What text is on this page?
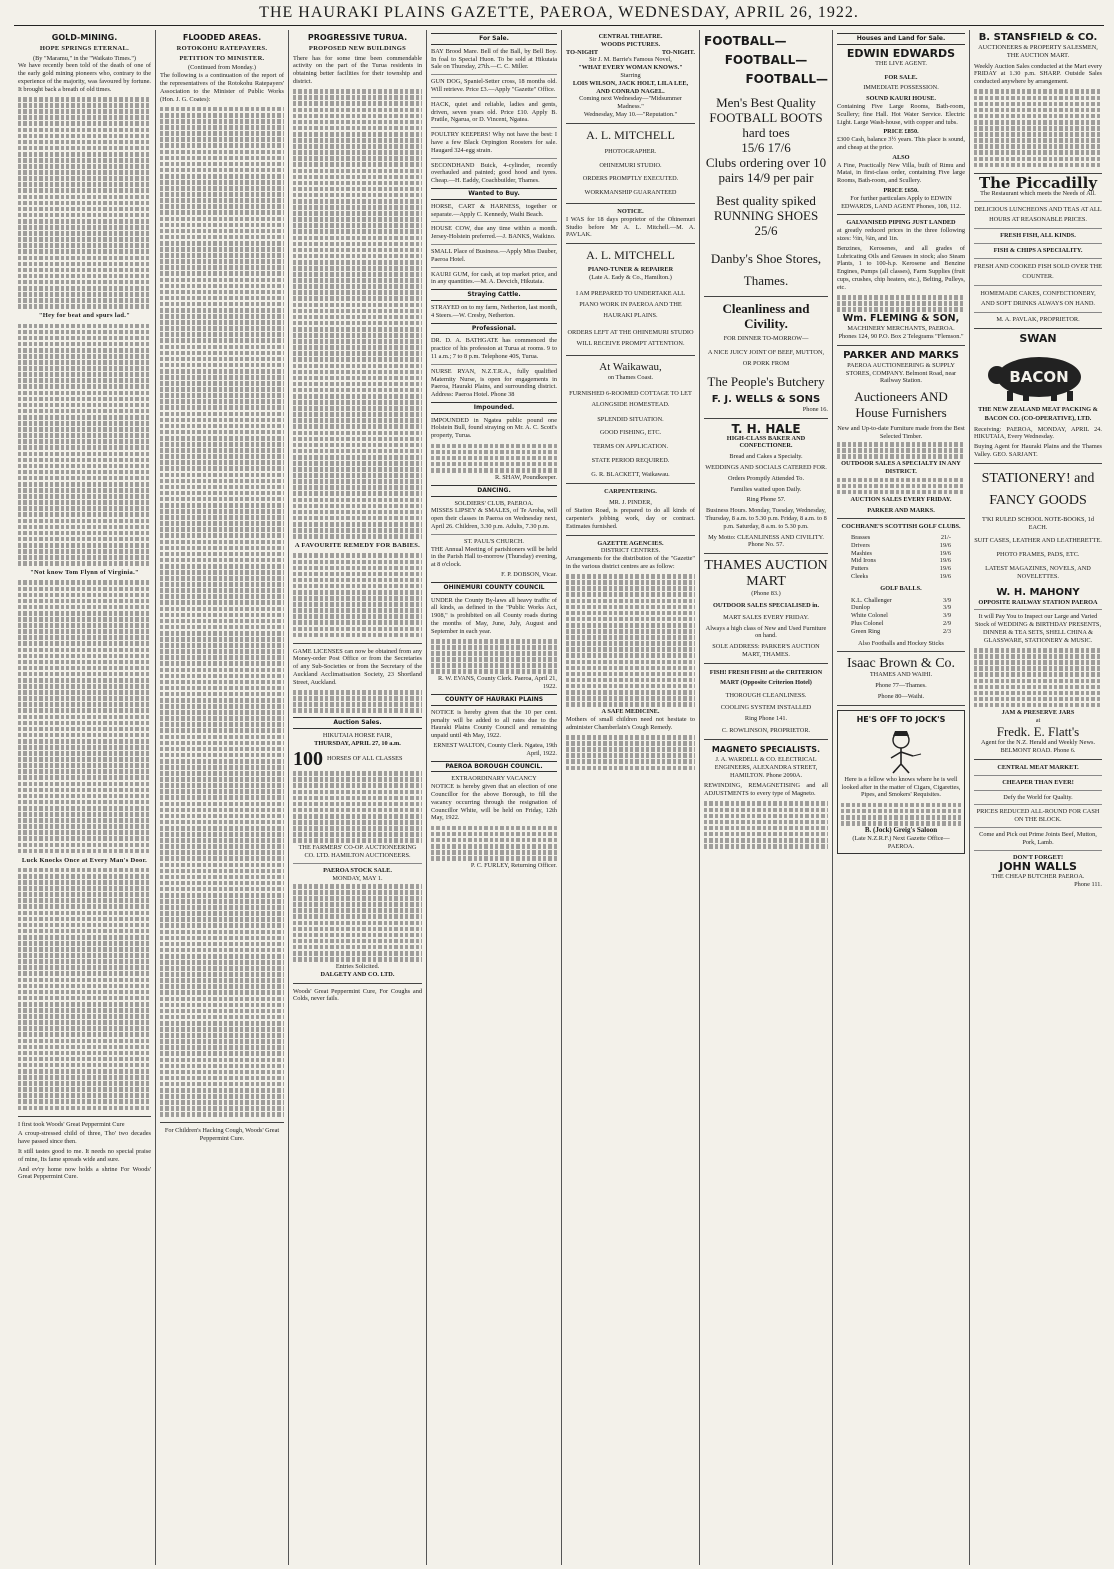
THE HAURAKI PLAINS GAZETTE, PAEROA, WEDNESDAY, APRIL 26, 1922.
GOLD-MINING.
HOPE SPRINGS ETERNAL.
(By "Maramu," in the "Waikato Times.")

We have recently been told of the death of one of the early gold mining pioneers who, contrary to the experience of the majority, was favoured by fortune. It brought back a breath of old times.

"Hey for beat and spurs lad."
"Not know Tom Flynn of Virginia."
Luck Knocks Once at Every Man's Door.

I first took Woods' Great Peppermint Cure

A croup-stressed child of three, Tho' two decades have passed since then.

It still tastes good to me. It needs no special praise of mine, Its fame spreads wide and sure.

And ev'ry home now holds a shrine For Woods' Great Peppermint Cure.

FLOODED AREAS.
ROTOKOHU RATEPAYERS.
PETITION TO MINISTER.
(Continued from Monday.)

The following is a continuation of the report of the representatives of the Rotokohu Ratepayers' Association to the Minister of Public Works (Hon. J. G. Coates):

For Children's Hacking Cough, Woods' Great Peppermint Cure.

PROGRESSIVE TURUA.
PROPOSED NEW BUILDINGS

There has for some time been commendable activity on the part of the Turua residents in obtaining better facilities for their township and district.

A FAVOURITE REMEDY FOR BABIES.

GAME LICENSES can now be obtained from any Money-order Post Office or from the Secretaries of any Sub-Societies or from the Secretary of the Auckland Acclimatisation Society, 23 Shortland Street, Auckland.

Auction Sales.
HIKUTAIA HORSE FAIR,
THURSDAY, APRIL 27, 10 a.m.
100 HORSES OF ALL CLASSES
THE FARMERS' CO-OP. AUCTIONEERING CO. LTD. HAMILTON AUCTIONEERS.
PAEROA STOCK SALE.
MONDAY, MAY 1.
Entries Solicited.
DALGETY AND CO. LTD.

Woods' Great Peppermint Cure, For Coughs and Colds, never fails.

For Sale.

BAY Brood Mare. Bell of the Ball, by Bell Boy. In foal to Special Huon. To be sold at Hikutaia Sale on Thursday, 27th.—C. C. Miller.

GUN DOG, Spaniel-Setter cross, 18 months old. Will retrieve. Price £3.—Apply "Gazette" Office.

HACK, quiet and reliable, ladies and gents, driven, seven years old. Price £10. Apply B. Pratile, Ngarua, or D. Vincent, Ngatea.

POULTRY KEEPERS! Why not have the best: I have a few Black Orpington Roosters for sale. Haugard 324-egg strain.

SECONDHAND Buick, 4-cylinder, recently overhauled and painted; good hood and tyres. Cheap.—H. Eaddy, Coachbuilder, Thames.

Wanted to Buy.

HORSE, CART & HARNESS, together or separate.—Apply C. Kennedy, Waihi Beach.

HOUSE COW, due any time within a month. Jersey-Holstein preferred.—J. BANKS, Waikino.

SMALL Place of Business.—Apply Miss Dauber, Paeroa Hotel.

KAURI GUM, for cash, at top market price, and in any quantities.—M. A. Devcich, Hikutaia.

Straying Cattle.

STRAYED on to my farm, Netherton, last month, 4 Steers.—W. Cresby, Netherton.

Professional.

DR. D. A. BATHGATE has commenced the practice of his profession at Turua at rooms. 9 to 11 a.m.; 7 to 8 p.m. Telephone 40S, Turua.

NURSE RYAN, N.Z.T.R.A., fully qualified Maternity Nurse, is open for engagements in Paeroa, Hauraki Plains, and surrounding district. Address: Paeroa Hotel. Phone 38

Impounded.

IMPOUNDED in Ngatea public pound one Holstein Bull, found straying on Mr. A. C. Scott's property, Turua.

R. SHAW, Poundkeeper.
DANCING.
SOLDIERS' CLUB, PAEROA.

MISSES LIPSEY & SMALES, of Te Aroha, will open their classes in Paeroa on Wednesday next, April 26. Children, 3.30 p.m. Adults, 7.30 p.m.

ST. PAUL'S CHURCH.

THE Annual Meeting of parishioners will be held in the Parish Hall to-morrow (Thursday) evening, at 8 o'clock.

F. P. DOBSON, Vicar.
OHINEMURI COUNTY COUNCIL

UNDER the County By-laws all heavy traffic of all kinds, as defined in the "Public Works Act, 1908," is prohibited on all County roads during the months of May, June, July, August and September in each year.

R. W. EVANS, County Clerk. Paeroa, April 21, 1922.
COUNTY OF HAURAKI PLAINS

NOTICE is hereby given that the 10 per cent. penalty will be added to all rates due to the Hauraki Plains County Council and remaining unpaid until 4th May, 1922.

ERNEST WALTON, County Clerk. Ngatea, 19th April, 1922.
PAEROA BOROUGH COUNCIL.
EXTRAORDINARY VACANCY

NOTICE is hereby given that an election of one Councillor for the above Borough, to fill the vacancy occurring through the resignation of Councillor White, will be held on Friday, 12th May, 1922.

P. C. FURLEY, Returning Officer.
CENTRAL THEATRE.
WOODS PICTURES.
TO-NIGHT	TO-NIGHT.
Sir J. M. Barrie's Famous Novel,
"WHAT EVERY WOMAN KNOWS."
Starring
LOIS WILSON, JACK HOLT, LILA LEE, AND CONRAD NAGEL.
Coming next Wednesday—"Midsummer Madness."
Wednesday, May 10.—"Reputation."
A. L. MITCHELL
PHOTOGRAPHER.
OHINEMURI STUDIO.
ORDERS PROMPTLY EXECUTED.
WORKMANSHIP GUARANTEED
NOTICE.

I WAS for 18 days proprietor of the Ohinemuri Studio before Mr A. L. Mitchell.—M. A. PAVLAK.

A. L. MITCHELL
PIANO-TUNER & REPAIRER
(Late A. Eady & Co., Hamilton.)
I AM PREPARED TO UNDERTAKE ALL PIANO WORK IN PAEROA AND THE HAURAKI PLAINS.
ORDERS LEFT AT THE OHINEMURI STUDIO WILL RECEIVE PROMPT ATTENTION.
At Waikawau,
on Thames Coast.
FURNISHED 6-ROOMED COTTAGE TO LET ALONGSIDE HOMESTEAD.
SPLENDID SITUATION.
GOOD FISHING, ETC.
TERMS ON APPLICATION.
STATE PERIOD REQUIRED.
G. R. BLACKETT, Waikawau.
CARPENTERING.
MR. J. PINDER,

of Station Road, is prepared to do all kinds of carpenter's jobbing work, day or contract. Estimates furnished.

GAZETTE AGENCIES.
DISTRICT CENTRES.

Arrangements for the distribution of the "Gazette" in the various district centres are as follow:

A SAFE MEDICINE.

Mothers of small children need not hesitate to administer Chamberlain's Cough Remedy.

FOOTBALL—
FOOTBALL—
FOOTBALL—
Men's Best Quality FOOTBALL BOOTS
hard toes
15/6 17/6
Clubs ordering over 10 pairs 14/9 per pair
Best quality spiked RUNNING SHOES
25/6
Danby's Shoe Stores, Thames.
Cleanliness and Civility.
FOR DINNER TO-MORROW—
A NICE JUICY JOINT OF BEEF, MUTTON, OR PORK FROM
The People's Butchery
F. J. WELLS & SONS
Phone 16.
T. H. HALE
HIGH-CLASS BAKER AND CONFECTIONER.
Bread and Cakes a Specialty.
WEDDINGS AND SOCIALS CATERED FOR.
Orders Promptly Attended To.
Families waited upon Daily.
Ring Phone 57.
Business Hours. Monday, Tuesday, Wednesday, Thursday, 8 a.m. to 5.30 p.m. Friday, 8 a.m. to 8 p.m. Saturday, 8 a.m. to 5.30 p.m.
My Motto: CLEANLINESS AND CIVILITY. Phone No. 57.
THAMES AUCTION MART
(Phone 83.)
OUTDOOR SALES SPECIALISED in.
MART SALES EVERY FRIDAY.
Always a high class of New and Used Furniture on hand.
SOLE ADDRESS: PARKER'S AUCTION MART, THAMES.
FISH! FRESH FISH! at the CRITERION MART (Opposite Criterion Hotel)
THOROUGH CLEANLINESS.
COOLING SYSTEM INSTALLED
Ring Phone 141.
C. ROWLINSON, PROPRIETOR.
MAGNETO SPECIALISTS.
J. A. WARDELL & CO. ELECTRICAL ENGINEERS, ALEXANDRA STREET, HAMILTON. Phone 2090A.

REWINDING, REMAGNETISING and all ADJUSTMENTS to every type of Magneto.

Houses and Land for Sale.
EDWIN EDWARDS
THE LIVE AGENT.
FOR SALE.
IMMEDIATE POSSESSION.
SOUND KAURI HOUSE.

Containing Five Large Rooms, Bath-room, Scullery; fine Hall. Hot Water Service. Electric Light. Large Wash-house, with copper and tubs.

PRICE £850.

£300 Cash, balance 3½ years. This place is sound, and cheap at the price.

ALSO

A Fine, Practically New Villa, built of Rimu and Matai, in first-class order, containing Five large Rooms, Bath-room, and Scullery.

PRICE £650.
For further particulars Apply to EDWIN EDWARDS, LAND AGENT Phones, 108, 112.
GALVANISED PIPING JUST LANDED

at greatly reduced prices in the three following sizes: ½in, ¾in, and 1in.

Benzines, Kerosenes, and all grades of Lubricating Oils and Greases in stock; also Steam Plants, 1 to 100-h.p. Kerosene and Benzine Engines, Pumps (all classes), Farm Supplies (fruit cups, crushes, chip heaters, etc.), Belting, Pulleys, etc.

Wm. FLEMING & SON,
MACHINERY MERCHANTS, PAEROA.
Phones 124, 90 P.O. Box 2 Telegrams "Flemson."
PARKER AND MARKS
PAEROA AUCTIONEERING & SUPPLY STORES, COMPANY. Belmont Road, near Railway Station.
Auctioneers AND House Furnishers
New and Up-to-date Furniture made from the Best Selected Timber.
OUTDOOR SALES A SPECIALTY IN ANY DISTRICT.
AUCTION SALES EVERY FRIDAY.
PARKER AND MARKS.
COCHRANE'S SCOTTISH GOLF CLUBS.
Brasses	21/-
Drivers	19/6
Mashies	19/6
Mid Irons	19/6
Putters	19/6
Cleeks	19/6
GOLF BALLS.
K.L. Challenger	3/9
Dunlop	3/9
White Colonel	3/9
Plus Colonel	2/9
Green Ring	2/3
Also Footballs and Hockey Sticks
Isaac Brown & Co.
THAMES AND WAIHI.
Phone 77—Thames.
Phone 80—Waihi.
HE'S OFF TO JOCK'S

Here is a fellow who knows where he is well looked after in the matter of Cigars, Cigarettes, Pipes, and Smokers' Requisites.

B. (Jock) Greig's Saloon
(Late N.Z.R.F.) Next Gazette Office—PAEROA.
B. STANSFIELD & CO.
AUCTIONEERS & PROPERTY SALESMEN, THE AUCTION MART.

Weekly Auction Sales conducted at the Mart every FRIDAY at 1.30 p.m. SHARP. Outside Sales conducted anywhere by arrangement.

The Piccadilly
The Restaurant which meets the Needs of All.
DELICIOUS LUNCHEONS AND TEAS AT ALL HOURS AT REASONABLE PRICES.
FRESH FISH, ALL KINDS.
FISH & CHIPS A SPECIALITY.
FRESH AND COOKED FISH SOLD OVER THE COUNTER.
HOMEMADE CAKES, CONFECTIONERY, AND SOFT DRINKS ALWAYS ON HAND.
M. A. PAVLAK, PROPRIETOR.
SWAN
BACON
THE NEW ZEALAND MEAT PACKING & BACON CO. (CO-OPERATIVE), LTD.

Receiving: PAEROA, MONDAY, APRIL 24. HIKUTAIA, Every Wednesday.

Buying Agent for Hauraki Plains and the Thames Valley. GEO. SARJANT.

STATIONERY! and FANCY GOODS
T'KI RULED SCHOOL NOTE-BOOKS, 1d EACH.
SUIT CASES, LEATHER AND LEATHERETTE.
PHOTO FRAMES, PADS, ETC.
LATEST MAGAZINES, NOVELS, AND NOVELETTES.
W. H. MAHONY
OPPOSITE RAILWAY STATION PAEROA

It will Pay You to Inspect our Large and Varied Stock of WEDDING & BIRTHDAY PRESENTS, DINNER & TEA SETS, SHELL CHINA & GLASSWARE, STATIONERY & MUSIC.

JAM & PRESERVE JARS
at
Fredk. E. Flatt's
Agent for the N.Z. Herald and Weekly News. BELMONT ROAD. Phone 6.
CENTRAL MEAT MARKET.
CHEAPER THAN EVER!
Defy the World for Quality.
PRICES REDUCED ALL-ROUND FOR CASH ON THE BLOCK.
Come and Pick out Prime Joints Beef, Mutton, Pork, Lamb.
DON'T FORGET!
JOHN WALLS
THE CHEAP BUTCHER PAEROA.
Phone 111.
